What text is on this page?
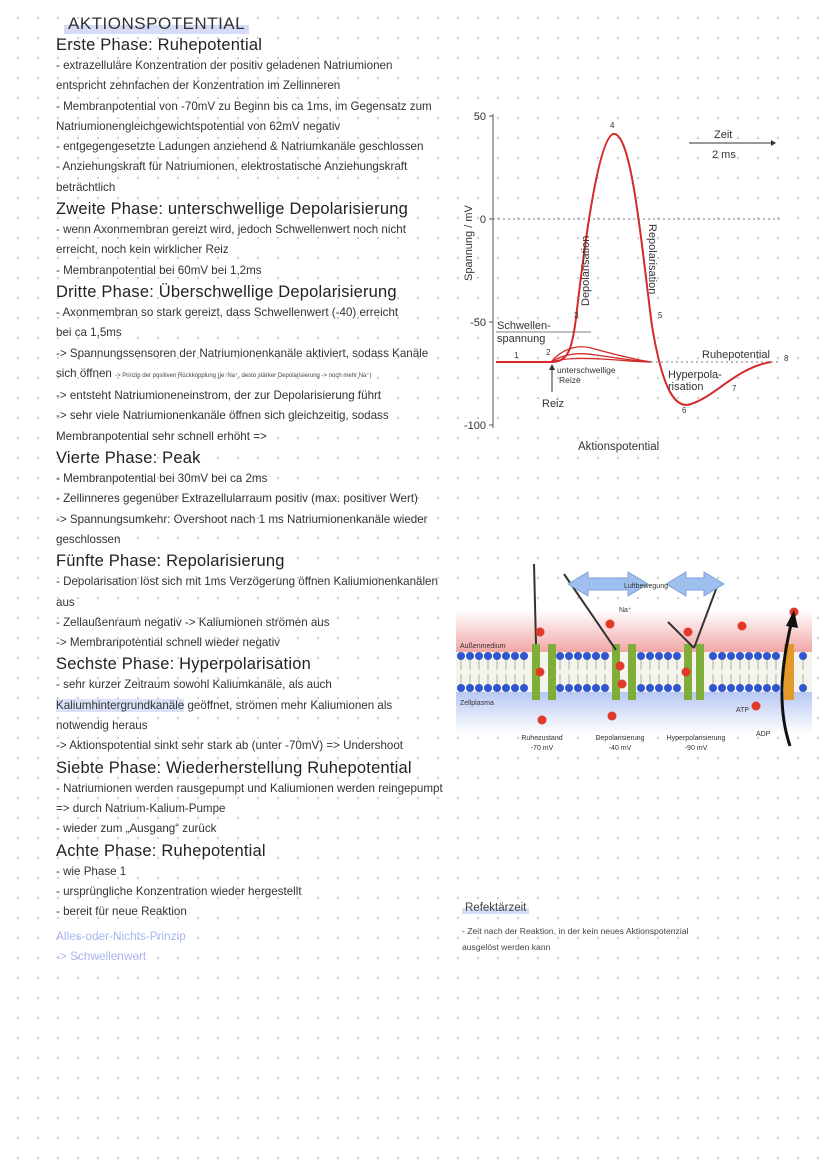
AKTIONSPOTENTIAL
Erste Phase: Ruhepotential
- extrazelluläre Konzentration der positiv geladenen Natriumionen
entspricht zehnfachen der Konzentration im Zellinneren
- Membranpotential von -70mV zu Beginn bis ca 1ms, im Gegensatz zum
Natriumionengleichgewichtspotential von 62mV negativ
- entgegengesetzte Ladungen anziehend & Natriumkanäle geschlossen
- Anziehungskraft für Natriumionen, elektrostatische Anziehungskraft
beträchtlich
Zweite Phase: unterschwellige Depolarisierung
- wenn Axonmembran gereizt wird, jedoch Schwellenwert noch nicht
erreicht, noch kein wirklicher Reiz
- Membranpotential bei 60mV bei 1,2ms
Dritte Phase: Überschwellige Depolarisierung
- Axonmembran so stark gereizt, dass Schwellenwert (-40) erreicht
bei ca 1,5ms
-> Spannungssensoren der Natriumionenkanäle aktiviert, sodass Kanäle
sich öffnen -> Prinzip der positiven Rückkopplung (je↑Na⁺, desto stärker Depolarisierung -> noch mehr Na⁺)
-> entsteht Natriumioneneinstrom, der zur Depolarisierung führt
-> sehr viele Natriumionenkanäle öffnen sich gleichzeitig, sodass
Membranpotential sehr schnell erhöht =>
Vierte Phase: Peak
- Membranpotential bei 30mV bei ca 2ms
- Zellinneres gegenüber Extrazellularraum positiv (max. positiver Wert)
-> Spannungsumkehr: Overshoot nach 1 ms Natriumionenkanäle wieder
geschlossen
Fünfte Phase: Repolarisierung
- Depolarisation löst sich mit 1ms Verzögerung öffnen Kaliumionenkanälen
aus
- Zellaußenraum negativ -> Kaliumionen strömen aus
-> Membranpotential schnell wieder negativ
Sechste Phase: Hyperpolarisation
- sehr kurzer Zeitraum sowohl Kaliumkanäle, als auch
Kaliumhintergrundkanäle geöffnet, strömen mehr Kaliumionen als
notwendig heraus
-> Aktionspotential sinkt sehr stark ab (unter -70mV) => Undershoot
Siebte Phase: Wiederherstellung Ruhepotential
- Natriumionen werden rausgepumpt und Kaliumionen werden reingepumpt
=> durch Natrium-Kalium-Pumpe
- wieder zum „Ausgang“ zurück
Achte Phase: Ruhepotential
- wie Phase 1
- ursprüngliche Konzentration wieder hergestellt
- bereit für neue Reaktion
Alles-oder-Nichts-Prinzip
-> Schwellenwert
50
0
-50
-100
Spannung / mV
Zeit
2 ms
Depolarisation	Repolarisation
Schwellen-
spannung
Ruhepotential
unterschwellige
Reize
Reiz
Hyperpola-
risation
Aktionspotential
1	2
3
4
5
6
7
8
Luftbewegung
Na⁺
Außenmedium
Zellplasma
ATP
ADP
Ruhezustand
-70 mV
Depolarisierung
-40 mV
Hyperpolarisierung
-90 mV
Refektärzeit
- Zeit nach der Reaktion, in der kein neues Aktionspotenzial
ausgelöst werden kann
